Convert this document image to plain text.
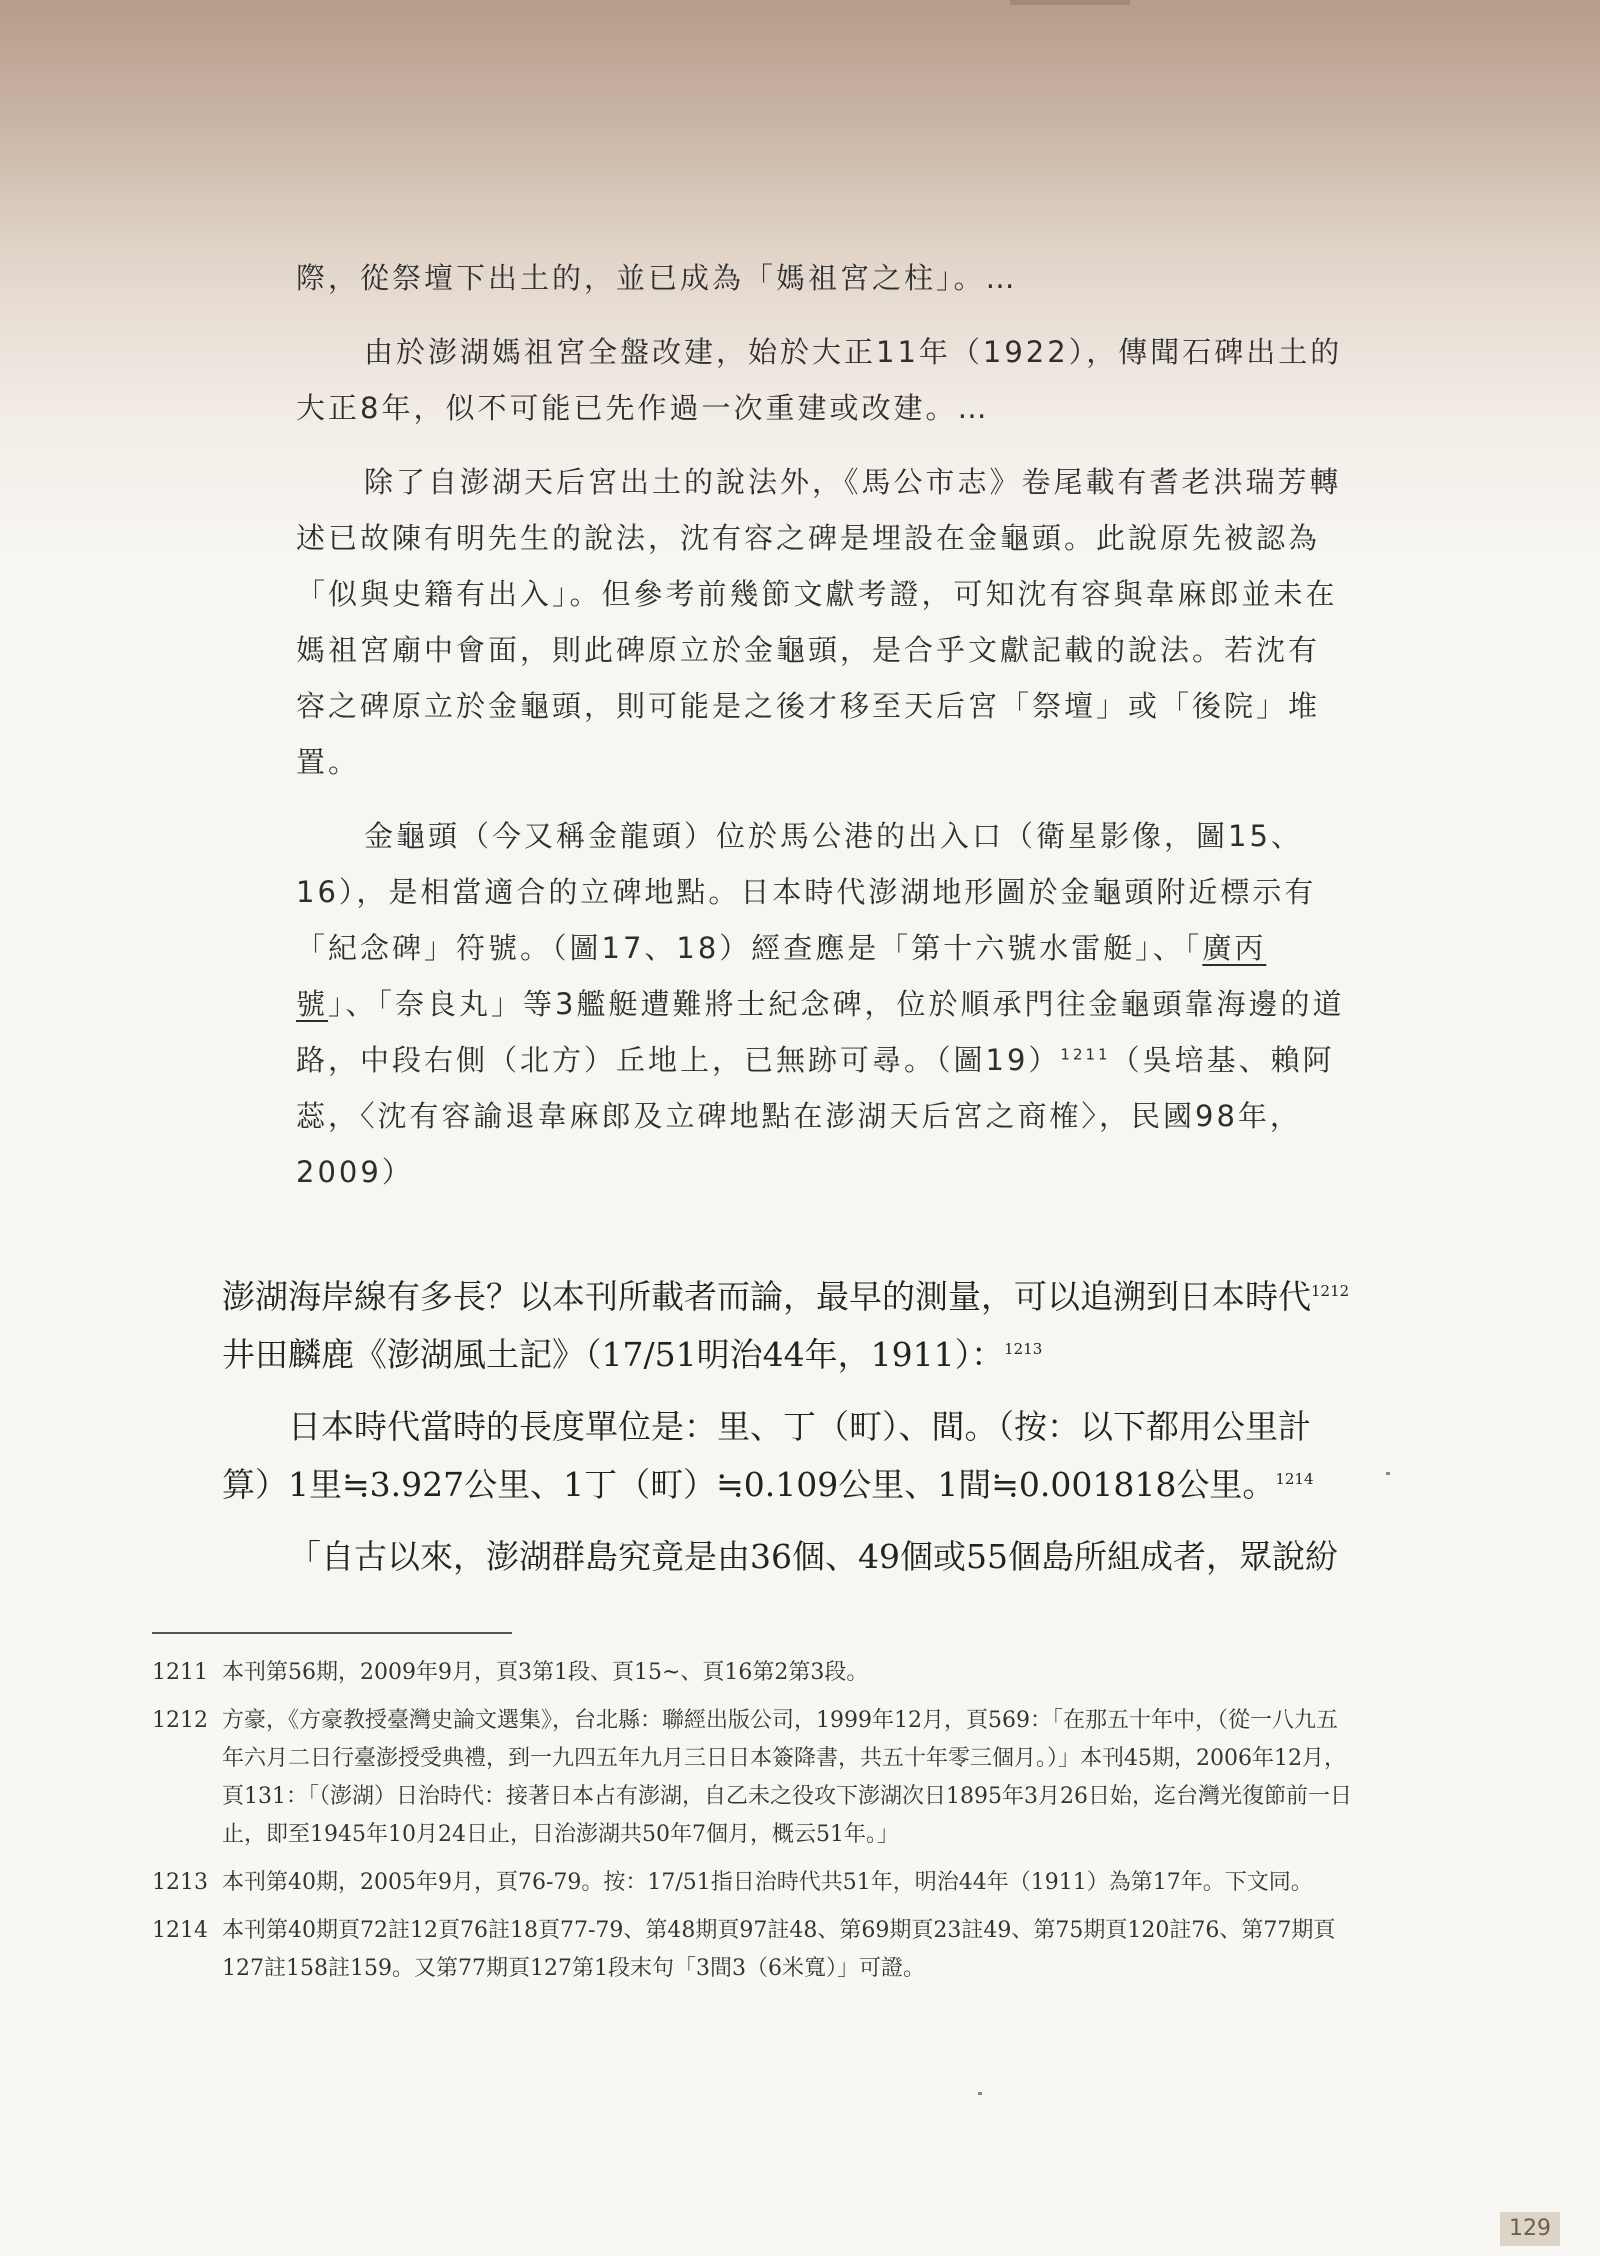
際，從祭壇下出土的，並已成為「媽祖宮之柱」。…

由於澎湖媽祖宮全盤改建，始於大正11年（1922），傳聞石碑出土的大正8年，似不可能已先作過一次重建或改建。…

除了自澎湖天后宮出土的說法外，《馬公市志》卷尾載有耆老洪瑞芳轉述已故陳有明先生的說法，沈有容之碑是埋設在金龜頭。此說原先被認為「似與史籍有出入」。但參考前幾節文獻考證，可知沈有容與韋麻郎並未在媽祖宮廟中會面，則此碑原立於金龜頭，是合乎文獻記載的說法。若沈有容之碑原立於金龜頭，則可能是之後才移至天后宮「祭壇」或「後院」堆置。

金龜頭（今又稱金龍頭）位於馬公港的出入口（衛星影像，圖15、16），是相當適合的立碑地點。日本時代澎湖地形圖於金龜頭附近標示有「紀念碑」符號。（圖17、18）經查應是「第十六號水雷艇」、「廣丙號」、「奈良丸」等3艦艇遭難將士紀念碑，位於順承門往金龜頭靠海邊的道路，中段右側（北方）丘地上，已無跡可尋。（圖19）$^{1211}$（吳培基、賴阿蕊，〈沈有容諭退韋麻郎及立碑地點在澎湖天后宮之商榷〉，民國98年，2009）

澎湖海岸線有多長？以本刊所載者而論，最早的測量，可以追溯到日本時代$^{1212}$井田麟鹿《澎湖風土記》（17/51明治44年，1911）：$^{1213}$

日本時代當時的長度單位是：里、丁（町）、間。（按：以下都用公里計算）1里≒3.927公里、1丁（町）≒0.109公里、1間≒0.001818公里。$^{1214}$

「自古以來，澎湖群島究竟是由36個、49個或55個島所組成者，眾說紛

1211 本刊第56期，2009年9月，頁3第1段、頁15~、頁16第2第3段。
1212 方豪，《方豪教授臺灣史論文選集》，台北縣：聯經出版公司，1999年12月，頁569：「在那五十年中，（從一八九五年六月二日行臺澎授受典禮，到一九四五年九月三日日本簽降書，共五十年零三個月。）」本刊45期，2006年12月，頁131：「（澎湖）日治時代：接著日本占有澎湖，自乙未之役攻下澎湖次日1895年3月26日始，迄台灣光復節前一日止，即至1945年10月24日止，日治澎湖共50年7個月，概云51年。」
1213 本刊第40期，2005年9月，頁76-79。按：17/51指日治時代共51年，明治44年（1911）為第17年。下文同。
1214 本刊第40期頁72註12頁76註18頁77-79、第48期頁97註48、第69期頁23註49、第75期頁120註76、第77期頁127註158註159。又第77期頁127第1段末句「3間3（6米寬）」可證。
129
